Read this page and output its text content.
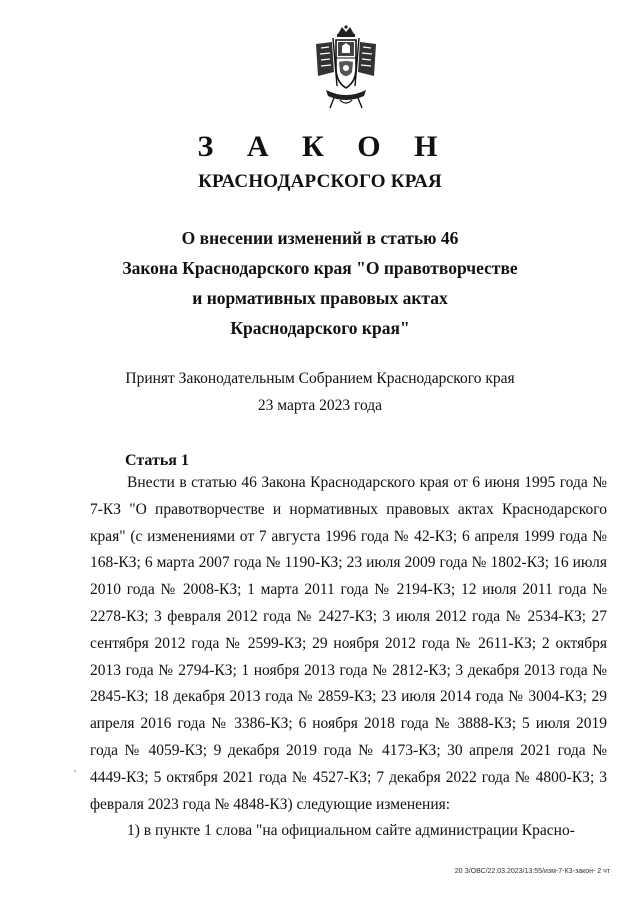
З А К О Н
КРАСНОДАРСКОГО КРАЯ
О внесении изменений в статью 46
Закона Краснодарского края "О правотворчестве
и нормативных правовых актах
Краснодарского края"
Принят Законодательным Собранием Краснодарского края
23 марта 2023 года
Статья 1

Внести в статью 46 Закона Краснодарского края от 6 июня 1995 года № 7-КЗ "О правотворчестве и нормативных правовых актах Краснодарского края" (с изменениями от 7 августа 1996 года № 42-КЗ; 6 апреля 1999 года № 168-КЗ; 6 марта 2007 года № 1190-КЗ; 23 июля 2009 года № 1802-КЗ; 16 июля 2010 года № 2008-КЗ; 1 марта 2011 года № 2194-КЗ; 12 июля 2011 года № 2278-КЗ; 3 февраля 2012 года № 2427-КЗ; 3 июля 2012 года № 2534-КЗ; 27 сентября 2012 года № 2599-КЗ; 29 ноября 2012 года № 2611-КЗ; 2 октября 2013 года № 2794-КЗ; 1 ноября 2013 года № 2812-КЗ; 3 декабря 2013 года № 2845-КЗ; 18 декабря 2013 года № 2859-КЗ; 23 июля 2014 года № 3004-КЗ; 29 апреля 2016 года № 3386-КЗ; 6 ноября 2018 года № 3888-КЗ; 5 июля 2019 года № 4059-КЗ; 9 декабря 2019 года № 4173-КЗ; 30 апреля 2021 года № 4449-КЗ; 5 октября 2021 года № 4527-КЗ; 7 декабря 2022 года № 4800-КЗ; 3 февраля 2023 года № 4848-КЗ) следующие изменения:

1) в пункте 1 слова "на официальном сайте администрации Красно-

20 З/ОВС/22.03.2023/13:55/изм-7-КЗ-закон- 2 чт
